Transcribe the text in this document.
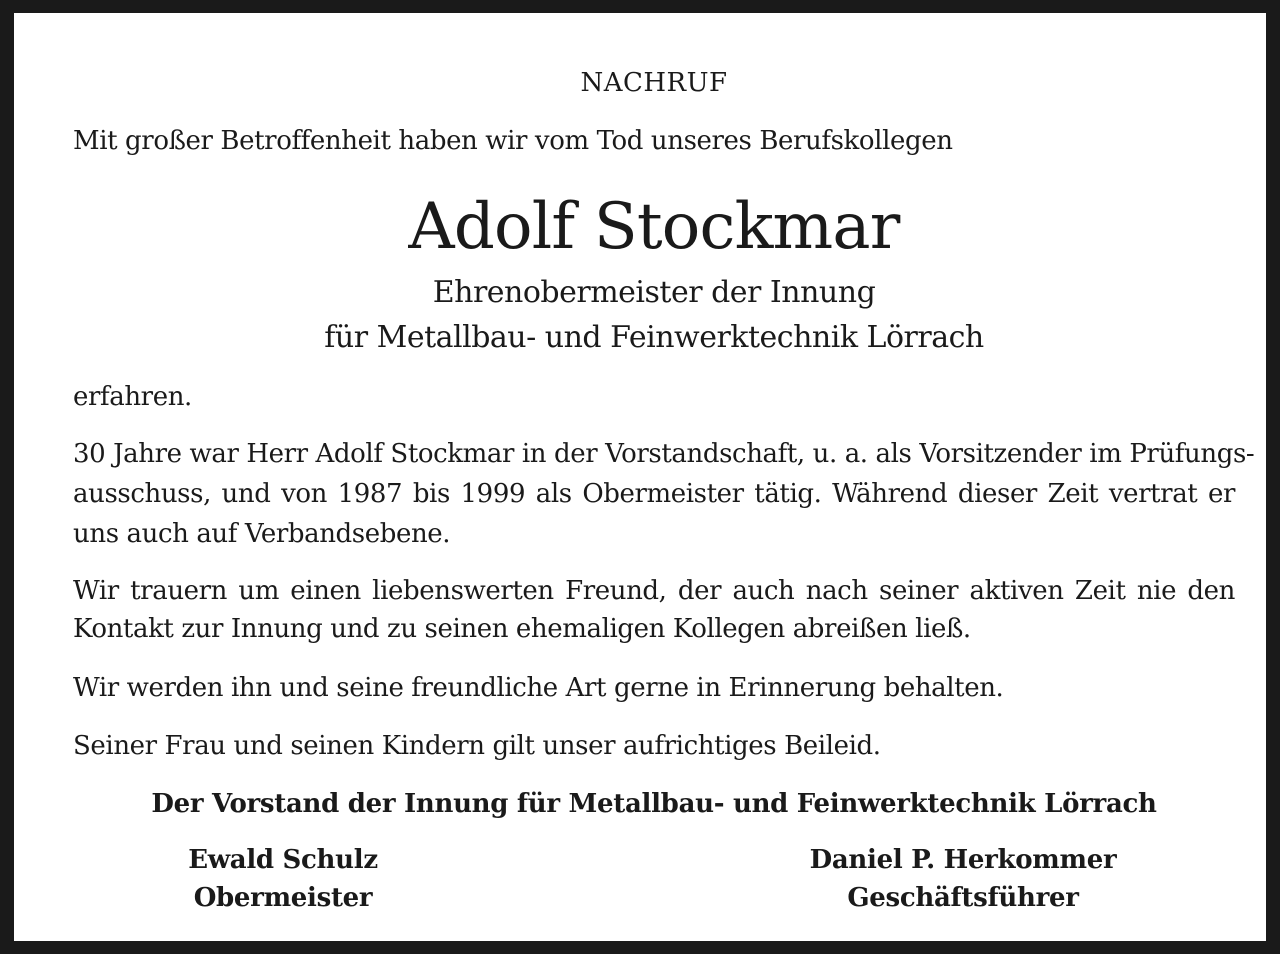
NACHRUF
Mit großer Betroffenheit haben wir vom Tod unseres Berufskollegen
Adolf Stockmar
Ehrenobermeister der Innung
für Metallbau- und Feinwerktechnik Lörrach
erfahren.
30 Jahre war Herr Adolf Stockmar in der Vorstandschaft, u. a. als Vorsitzender im Prüfungs-
ausschuss, und von 1987 bis 1999 als Obermeister tätig. Während dieser Zeit vertrat er
uns auch auf Verbandsebene.
Wir trauern um einen liebenswerten Freund, der auch nach seiner aktiven Zeit nie den
Kontakt zur Innung und zu seinen ehemaligen Kollegen abreißen ließ.
Wir werden ihn und seine freundliche Art gerne in Erinnerung behalten.
Seiner Frau und seinen Kindern gilt unser aufrichtiges Beileid.
Der Vorstand der Innung für Metallbau- und Feinwerktechnik Lörrach
Ewald Schulz
Obermeister
Daniel P. Herkommer
Geschäftsführer
